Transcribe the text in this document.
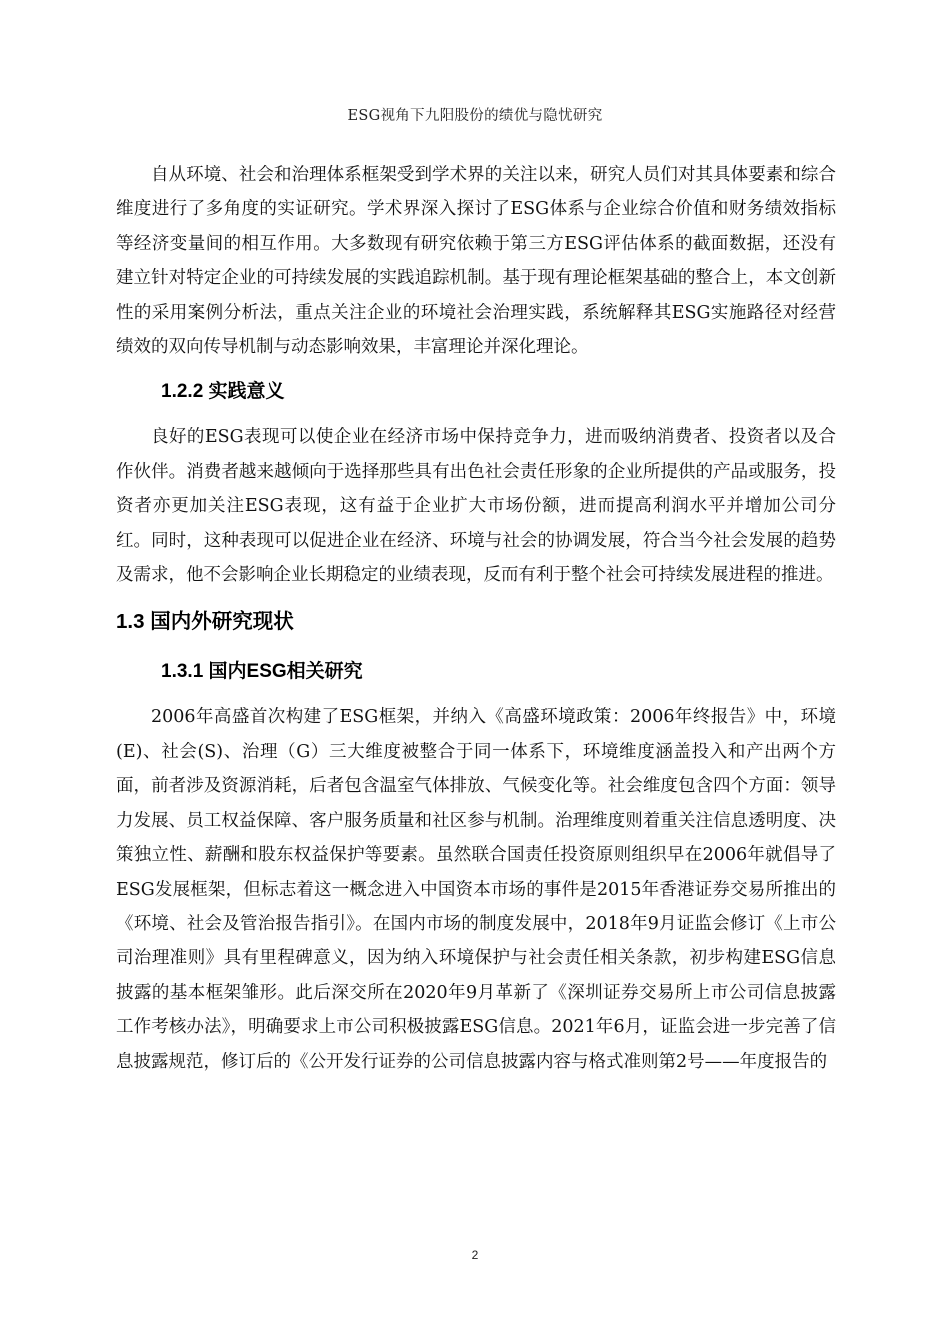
ESG视角下九阳股份的绩优与隐忧研究

自从环境、社会和治理体系框架受到学术界的关注以来，研究人员们对其具体要素和综合维度进行了多角度的实证研究。学术界深入探讨了ESG体系与企业综合价值和财务绩效指标等经济变量间的相互作用。大多数现有研究依赖于第三方ESG评估体系的截面数据，还没有建立针对特定企业的可持续发展的实践追踪机制。基于现有理论框架基础的整合上，本文创新性的采用案例分析法，重点关注企业的环境社会治理实践，系统解释其ESG实施路径对经营绩效的双向传导机制与动态影响效果，丰富理论并深化理论。

1.2.2 实践意义

良好的ESG表现可以使企业在经济市场中保持竞争力，进而吸纳消费者、投资者以及合作伙伴。消费者越来越倾向于选择那些具有出色社会责任形象的企业所提供的产品或服务，投资者亦更加关注ESG表现，这有益于企业扩大市场份额，进而提高利润水平并增加公司分红。同时，这种表现可以促进企业在经济、环境与社会的协调发展，符合当今社会发展的趋势及需求，他不会影响企业长期稳定的业绩表现，反而有利于整个社会可持续发展进程的推进。

1.3 国内外研究现状
1.3.1 国内ESG相关研究

2006年高盛首次构建了ESG框架，并纳入《高盛环境政策：2006年终报告》中，环境(E)、社会(S)、治理（G）三大维度被整合于同一体系下，环境维度涵盖投入和产出两个方面，前者涉及资源消耗，后者包含温室气体排放、气候变化等。社会维度包含四个方面：领导力发展、员工权益保障、客户服务质量和社区参与机制。治理维度则着重关注信息透明度、决策独立性、薪酬和股东权益保护等要素。虽然联合国责任投资原则组织早在2006年就倡导了ESG发展框架，但标志着这一概念进入中国资本市场的事件是2015年香港证券交易所推出的《环境、社会及管治报告指引》。在国内市场的制度发展中，2018年9月证监会修订《上市公司治理准则》具有里程碑意义，因为纳入环境保护与社会责任相关条款，初步构建ESG信息披露的基本框架雏形。此后深交所在2020年9月革新了《深圳证券交易所上市公司信息披露工作考核办法》，明确要求上市公司积极披露ESG信息。2021年6月，证监会进一步完善了信息披露规范，修订后的《公开发行证券的公司信息披露内容与格式准则第2号——年度报告的

2
